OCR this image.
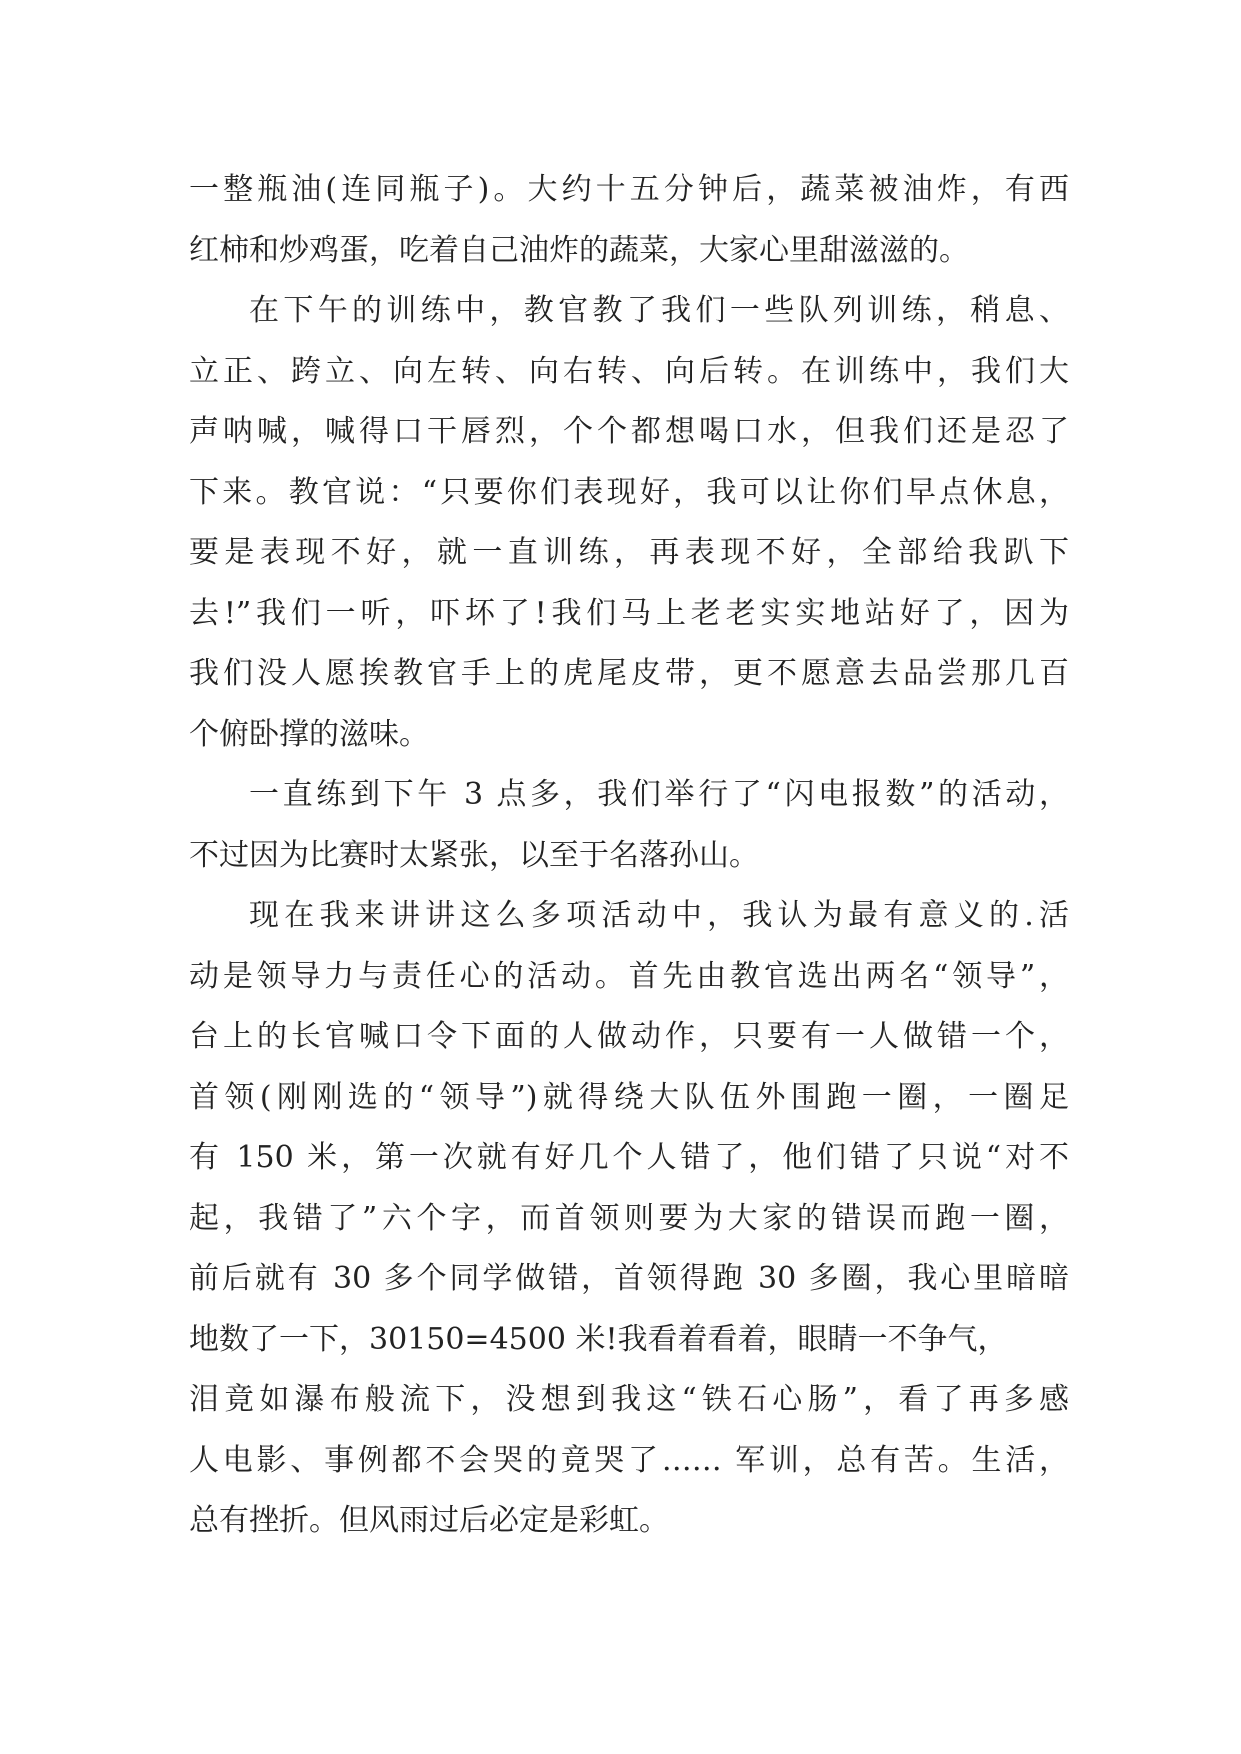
一整瓶油(连同瓶子)。大约十五分钟后，蔬菜被油炸，有西
红柿和炒鸡蛋，吃着自己油炸的蔬菜，大家心里甜滋滋的。
在下午的训练中，教官教了我们一些队列训练，稍息、
立正、跨立、向左转、向右转、向后转。在训练中，我们大
声呐喊，喊得口干唇烈，个个都想喝口水，但我们还是忍了
下来。教官说：“只要你们表现好，我可以让你们早点休息，
要是表现不好，就一直训练，再表现不好，全部给我趴下
去!”我们一听，吓坏了!我们马上老老实实地站好了，因为
我们没人愿挨教官手上的虎尾皮带，更不愿意去品尝那几百
个俯卧撑的滋味。
一直练到下午 3 点多，我们举行了“闪电报数”的活动，
不过因为比赛时太紧张，以至于名落孙山。
现在我来讲讲这么多项活动中，我认为最有意义的.活
动是领导力与责任心的活动。首先由教官选出两名“领导”，
台上的长官喊口令下面的人做动作，只要有一人做错一个，
首领(刚刚选的“领导”)就得绕大队伍外围跑一圈，一圈足
有 150 米，第一次就有好几个人错了，他们错了只说“对不
起，我错了”六个字，而首领则要为大家的错误而跑一圈，
前后就有 30 多个同学做错，首领得跑 30 多圈，我心里暗暗
地数了一下，30150=4500 米!我看着看着，眼睛一不争气，
泪竟如瀑布般流下，没想到我这“铁石心肠”，看了再多感
人电影、事例都不会哭的竟哭了…… 军训，总有苦。生活，
总有挫折。但风雨过后必定是彩虹。
